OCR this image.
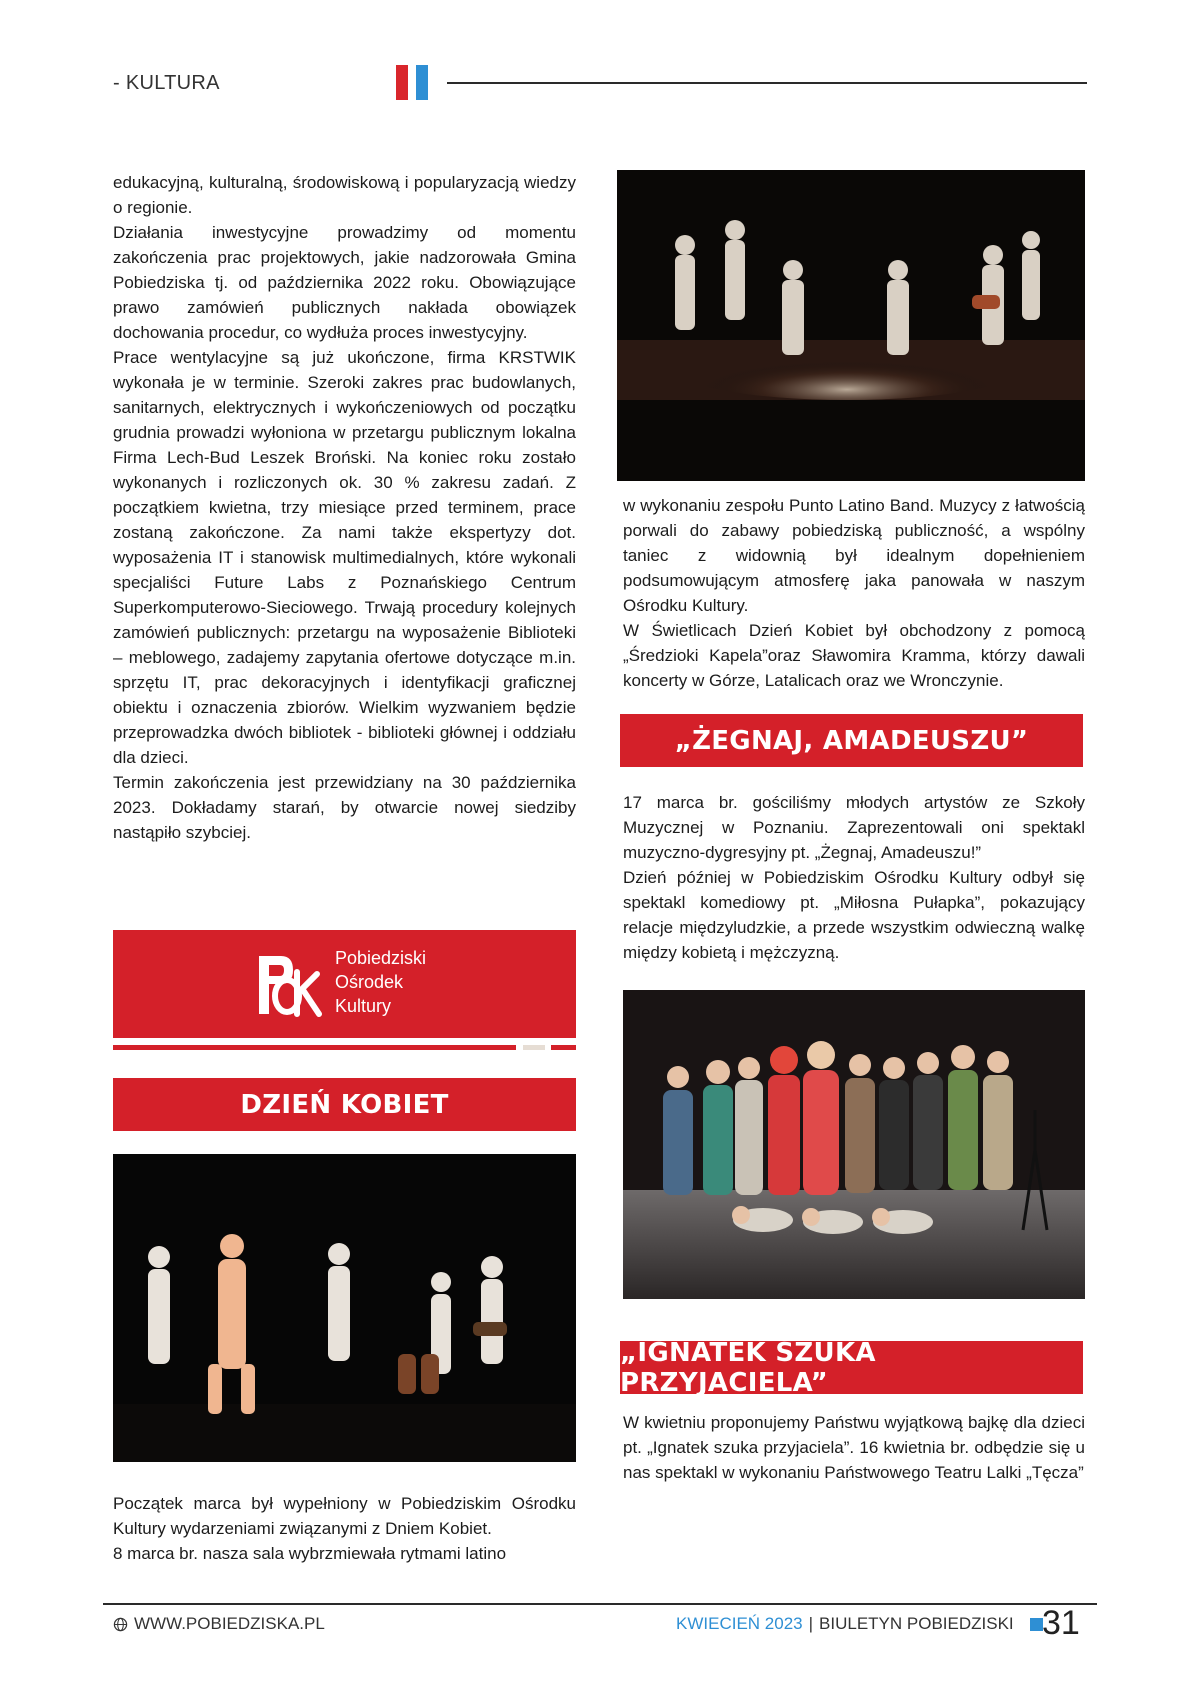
- KULTURA

edukacyjną, kulturalną, środowiskową i popularyzacją wiedzy o regionie.

Działania inwestycyjne prowadzimy od momentu zakończenia prac projektowych, jakie nadzorowała Gmina Pobiedziska tj. od października 2022 roku. Obowiązujące prawo zamówień publicznych nakłada obowiązek dochowania procedur, co wydłuża proces inwestycyjny.

Prace wentylacyjne są już ukończone, firma KRSTWIK wykonała je w terminie. Szeroki zakres prac budowlanych, sanitarnych, elektrycznych i wykończeniowych od początku grudnia prowadzi wyłoniona w przetargu publicznym lokalna Firma Lech-Bud Leszek Broński. Na koniec roku zostało wykonanych i rozliczonych ok. 30 % zakresu zadań. Z początkiem kwietna, trzy miesiące przed terminem, prace zostaną zakończone. Za nami także ekspertyzy dot. wyposażenia IT i stanowisk multimedialnych, które wykonali specjaliści Future Labs z Poznańskiego Centrum Superkomputerowo-Sieciowego. Trwają procedury kolejnych zamówień publicznych: przetargu na wyposażenie Biblioteki – meblowego, zadajemy zapytania ofertowe dotyczące m.in. sprzętu IT, prac dekoracyjnych i identyfikacji graficznej obiektu i oznaczenia zbiorów. Wielkim wyzwaniem będzie przeprowadzka dwóch bibliotek - biblioteki głównej i oddziału dla dzieci.

Termin zakończenia jest przewidziany na 30 października 2023. Dokładamy starań, by otwarcie nowej siedziby nastąpiło szybciej.

w wykonaniu zespołu Punto Latino Band. Muzycy z łatwością porwali do zabawy pobiedziską publiczność, a wspólny taniec z widownią był idealnym dopełnieniem podsumowującym atmosferę jaka panowała w naszym Ośrodku Kultury.

W Świetlicach Dzień Kobiet był obchodzony z pomocą „Średzioki Kapela”oraz Sławomira Kramma, którzy dawali koncerty w Górze, Latalicach oraz we Wronczynie.

„ŻEGNAJ, AMADEUSZU”

17 marca br. gościliśmy młodych artystów ze Szkoły Muzycznej w Poznaniu. Zaprezentowali oni spektakl muzyczno-dygresyjny pt. „Żegnaj, Amadeuszu!”

Dzień później w Pobiedziskim Ośrodku Kultury odbył się spektakl komediowy pt. „Miłosna Pułapka”, pokazujący relacje międzyludzkie, a przede wszystkim odwieczną walkę między kobietą i mężczyzną.

Pobiedziski
Ośrodek
Kultury
DZIEŃ KOBIET

Początek marca był wypełniony w Pobiedziskim Ośrodku Kultury wydarzeniami związanymi z Dniem Kobiet.

8 marca br. nasza sala wybrzmiewała rytmami latino

„IGNATEK SZUKA PRZYJACIELA”

W kwietniu proponujemy Państwu wyjątkową bajkę dla dzieci pt. „Ignatek szuka przyjaciela”. 16 kwietnia br. odbędzie się u nas spektakl w wykonaniu Państwowego Teatru Lalki „Tęcza”

WWW.POBIEDZISKA.PL	KWIECIEŃ 2023 | BIULETYN POBIEDZISKI 31
